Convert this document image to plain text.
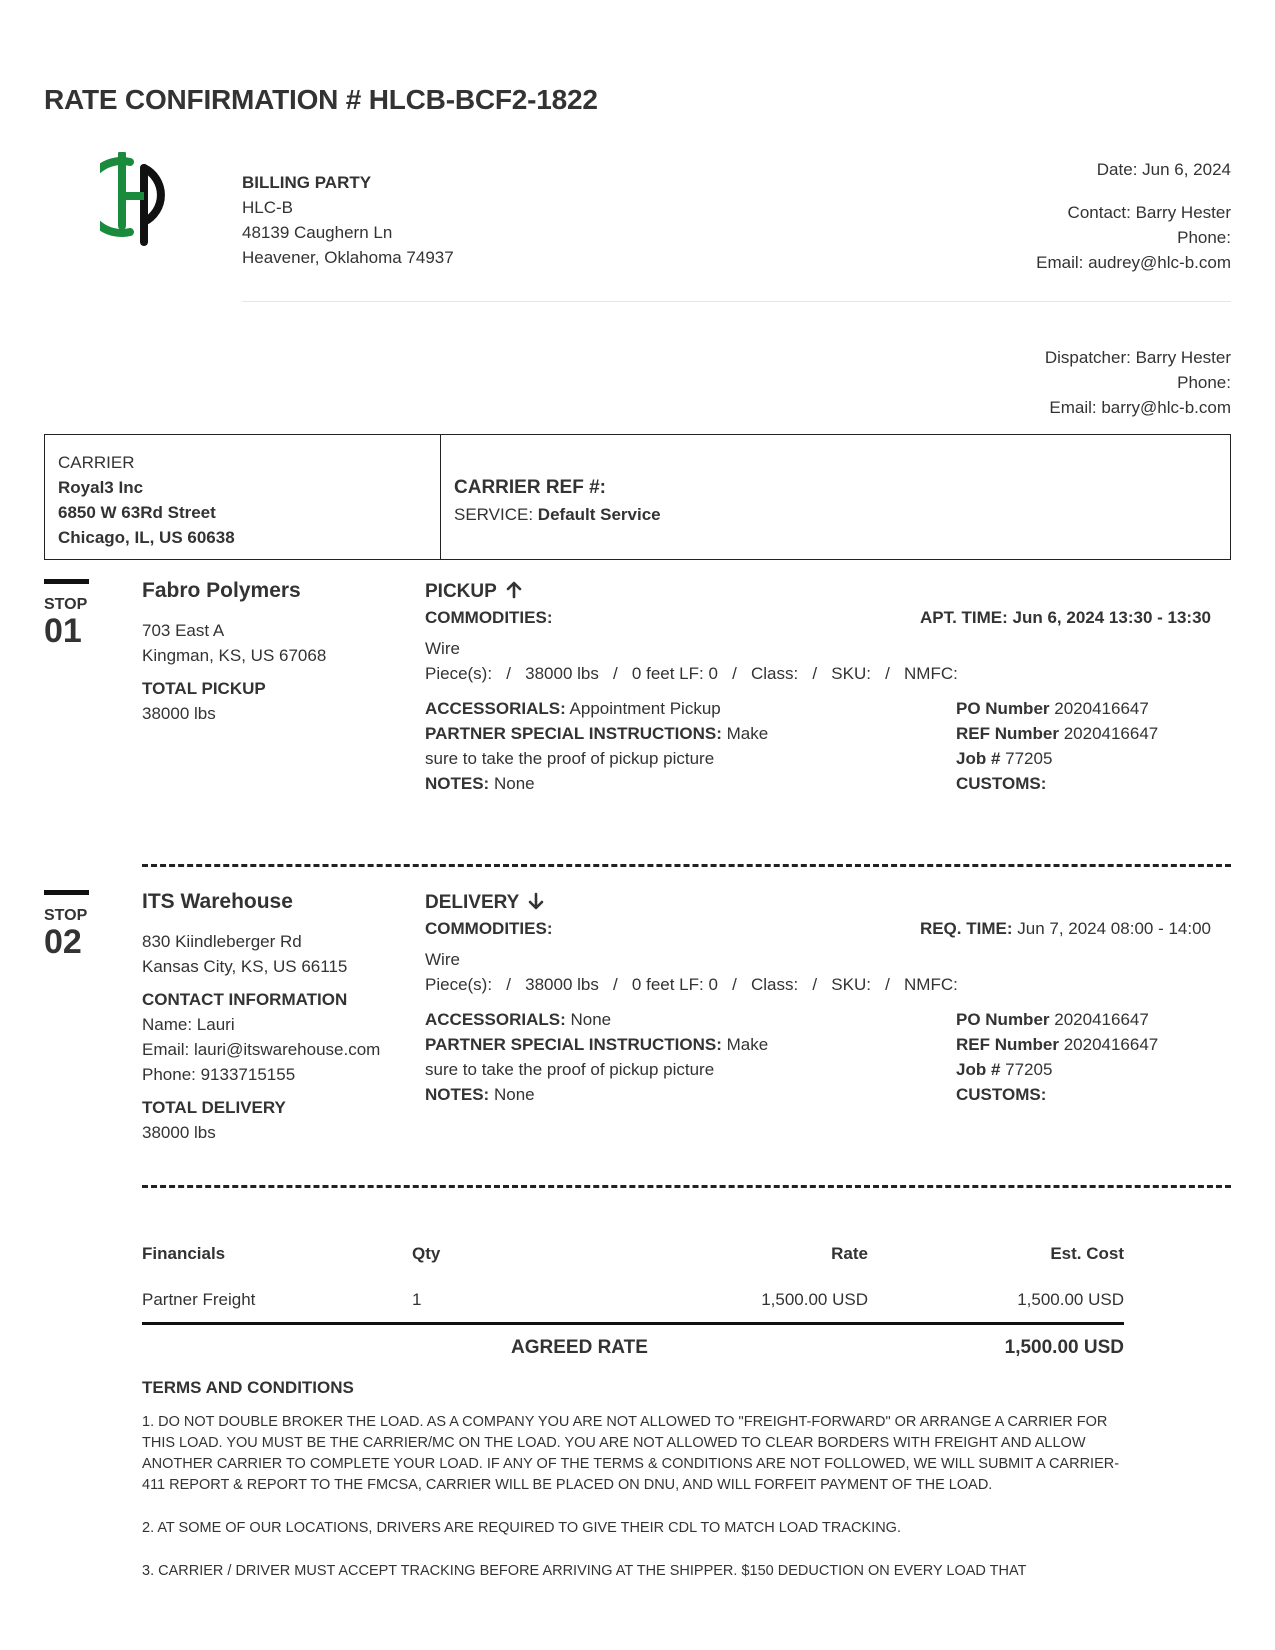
RATE CONFIRMATION # HLCB-BCF2-1822
BILLING PARTY
HLC-B
48139 Caughern Ln
Heavener, Oklahoma 74937
Date: Jun 6, 2024
Contact: Barry Hester
Phone:
Email: audrey@hlc-b.com
Dispatcher: Barry Hester
Phone:
Email: barry@hlc-b.com
CARRIER
Royal3 Inc
6850 W 63Rd Street
Chicago, IL, US 60638
CARRIER REF #:
SERVICE: Default Service
STOP
01
Fabro Polymers
703 East A
Kingman, KS, US 67068
TOTAL PICKUP
38000 lbs
PICKUP
COMMODITIES:	APT. TIME: Jun 6, 2024 13:30 - 13:30
Wire
Piece(s):   /   38000 lbs   /   0 feet LF: 0   /   Class:   /   SKU:   /   NMFC:
ACCESSORIALS: Appointment Pickup
PARTNER SPECIAL INSTRUCTIONS: Make
sure to take the proof of pickup picture
NOTES: None
PO Number 2020416647
REF Number 2020416647
Job # 77205
CUSTOMS:
STOP
02
ITS Warehouse
830 Kiindleberger Rd
Kansas City, KS, US 66115
CONTACT INFORMATION
Name: Lauri
Email: lauri@itswarehouse.com
Phone: 9133715155
TOTAL DELIVERY
38000 lbs
DELIVERY
COMMODITIES:	REQ. TIME: Jun 7, 2024 08:00 - 14:00
Wire
Piece(s):   /   38000 lbs   /   0 feet LF: 0   /   Class:   /   SKU:   /   NMFC:
ACCESSORIALS: None
PARTNER SPECIAL INSTRUCTIONS: Make
sure to take the proof of pickup picture
NOTES: None
PO Number 2020416647
REF Number 2020416647
Job # 77205
CUSTOMS:
Financials	Qty	Rate	Est. Cost
Partner Freight	1	1,500.00 USD	1,500.00 USD
AGREED RATE	1,500.00 USD
TERMS AND CONDITIONS

1. DO NOT DOUBLE BROKER THE LOAD. AS A COMPANY YOU ARE NOT ALLOWED TO "FREIGHT-FORWARD" OR ARRANGE A CARRIER FOR THIS LOAD. YOU MUST BE THE CARRIER/MC ON THE LOAD. YOU ARE NOT ALLOWED TO CLEAR BORDERS WITH FREIGHT AND ALLOW ANOTHER CARRIER TO COMPLETE YOUR LOAD. IF ANY OF THE TERMS & CONDITIONS ARE NOT FOLLOWED, WE WILL SUBMIT A CARRIER-411 REPORT & REPORT TO THE FMCSA, CARRIER WILL BE PLACED ON DNU, AND WILL FORFEIT PAYMENT OF THE LOAD.

2. AT SOME OF OUR LOCATIONS, DRIVERS ARE REQUIRED TO GIVE THEIR CDL TO MATCH LOAD TRACKING.

3. CARRIER / DRIVER MUST ACCEPT TRACKING BEFORE ARRIVING AT THE SHIPPER. $150 DEDUCTION ON EVERY LOAD THAT
